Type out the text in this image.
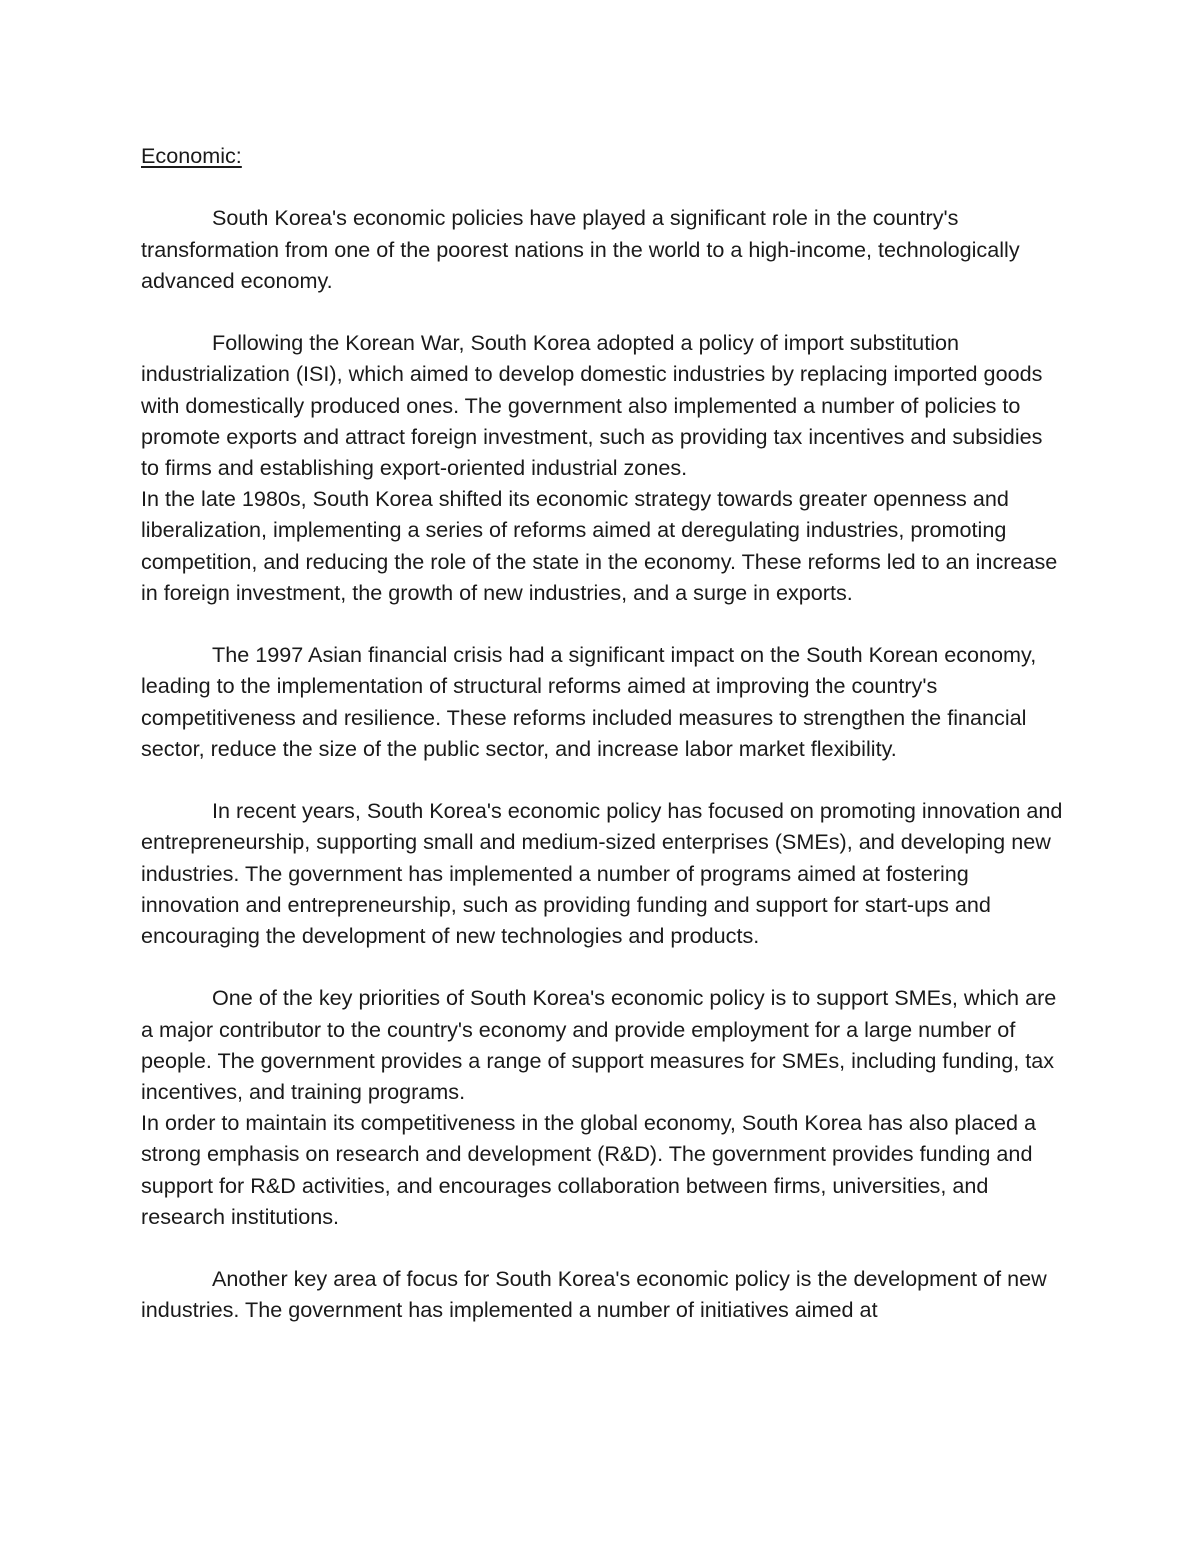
Economic:

South Korea's economic policies have played a significant role in the country's transformation from one of the poorest nations in the world to a high-income, technologically advanced economy.

Following the Korean War, South Korea adopted a policy of import substitution industrialization (ISI), which aimed to develop domestic industries by replacing imported goods with domestically produced ones. The government also implemented a number of policies to promote exports and attract foreign investment, such as providing tax incentives and subsidies to firms and establishing export-oriented industrial zones.

In the late 1980s, South Korea shifted its economic strategy towards greater openness and liberalization, implementing a series of reforms aimed at deregulating industries, promoting competition, and reducing the role of the state in the economy. These reforms led to an increase in foreign investment, the growth of new industries, and a surge in exports.

The 1997 Asian financial crisis had a significant impact on the South Korean economy, leading to the implementation of structural reforms aimed at improving the country's competitiveness and resilience. These reforms included measures to strengthen the financial sector, reduce the size of the public sector, and increase labor market flexibility.

In recent years, South Korea's economic policy has focused on promoting innovation and entrepreneurship, supporting small and medium-sized enterprises (SMEs), and developing new industries. The government has implemented a number of programs aimed at fostering innovation and entrepreneurship, such as providing funding and support for start-ups and encouraging the development of new technologies and products.

One of the key priorities of South Korea's economic policy is to support SMEs, which are a major contributor to the country's economy and provide employment for a large number of people. The government provides a range of support measures for SMEs, including funding, tax incentives, and training programs.

In order to maintain its competitiveness in the global economy, South Korea has also placed a strong emphasis on research and development (R&D). The government provides funding and support for R&D activities, and encourages collaboration between firms, universities, and research institutions.

Another key area of focus for South Korea's economic policy is the development of new industries. The government has implemented a number of initiatives aimed at
